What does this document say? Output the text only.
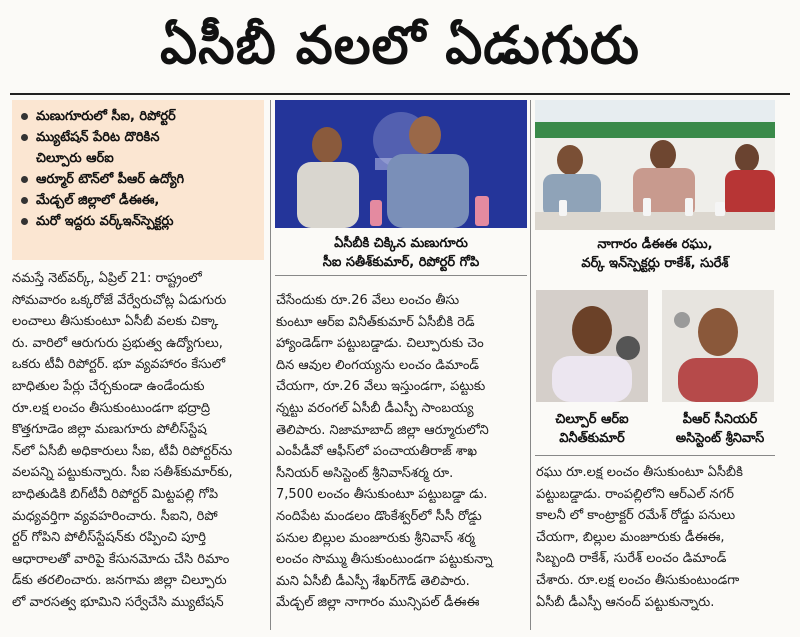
ఏసీబీ వలలో ఏడుగురు
మణుగూరులో సీఐ, రిపోర్టర్
మ్యుటేషన్ పేరిట దొరికిన
చిల్పూరు ఆర్‌ఐ
ఆర్మూర్ టౌన్‌లో పీఆర్ ఉద్యోగి
మేడ్చల్ జిల్లాలో డీఈఈ,
మరో ఇద్దరు వర్క్ఇన్‌స్పెక్టర్లు
నమస్తే నెట్‌వర్క్, ఏప్రిల్ 21: రాష్ట్రంలో
సోమవారం ఒక్కరోజే వేర్వేరుచోట్ల ఏడుగురు
లంచాలు తీసుకుంటూ ఏసీబీ వలకు చిక్కా
రు. వారిలో ఆరుగురు ప్రభుత్వ ఉద్యోగులు,
ఒకరు టీవీ రిపోర్టర్. భూ వ్యవహారం కేసులో
బాధితుల పేర్లు చేర్చకుండా ఉండేందుకు
రూ.లక్ష లంచం తీసుకుంటుండగా భద్రాద్రి
కొత్తగూడెం జిల్లా మణుగూరు పోలీస్‌స్టేష
న్‌లో ఏసీబీ అధికారులు సీఐ, టీవీ రిపోర్టర్‌ను
వలపన్ని పట్టుకున్నారు. సీఐ సతీశ్‌కుమార్‌కు,
బాధితుడికి బిగ్‌టీవీ రిపోర్టర్ మిట్టపల్లి గోపి
మధ్యవర్తిగా వ్యవహరించారు. సీఐని, రిపో
ర్టర్ గోపిని పోలీస్‌స్టేషన్‌కు రప్పించి పూర్తి
ఆధారాలతో వారిపై కేసునమోదు చేసి రిమాం
డ్‌కు తరలించారు. జనగామ జిల్లా చిల్పూరు
లో వారసత్వ భూమిని సర్వేచేసి మ్యుటేషన్
ఏసీబీకి చిక్కిన మణుగూరు
సీఐ సతీశ్‌కుమార్, రిపోర్టర్ గోపి
చేసేందుకు రూ.26 వేలు లంచం తీసు
కుంటూ ఆర్‌ఐ వినీత్‌కుమార్ ఏసీబీకి రెడ్
హ్యాండెడ్‌గా పట్టుబడ్డాడు. చిల్పూరుకు చెం
దిన ఆవుల లింగయ్యను లంచం డిమాండ్
చేయగా, రూ.26 వేలు ఇస్తుండగా, పట్టుకు
న్నట్టు వరంగల్ ఏసీబీ డీఎస్పీ సాంబయ్య
తెలిపారు. నిజామాబాద్ జిల్లా ఆర్మూరులోని
ఎంపీడీవో ఆఫీస్‌లో పంచాయతీరాజ్ శాఖ
సీనియర్ అసిస్టెంట్ శ్రీనివాస్‌శర్మ రూ.
7,500 లంచం తీసుకుంటూ పట్టుబడ్డా డు.
నందిపేట మండలం డొంకేశ్వర్‌లో సీసీ రోడ్డు
పనుల బిల్లుల మంజూరుకు శ్రీనివాస్ శర్మ
లంచం సొమ్ము తీసుకుంటుండగా పట్టుకున్నా
మని ఏసీబీ డీఎస్పీ శేఖర్‌గౌడ్ తెలిపారు.
మేడ్చల్ జిల్లా నాగారం మున్సిపల్ డీఈఈ
నాగారం డీఈఈ రఘు,
వర్క్ ఇన్‌స్పెక్టర్లు రాకేశ్, సురేశ్
చిల్పూర్ ఆర్‌ఐ
వినీత్‌కుమార్
పీఆర్ సీనియర్
అసిస్టెంట్ శ్రీనివాస్
రఘు రూ.లక్ష లంచం తీసుకుంటూ ఏసీబీకి
పట్టుబడ్డాడు. రాంపల్లిలోని ఆర్‌ఎల్ నగర్
కాలనీ లో కాంట్రాక్టర్ రమేశ్ రోడ్డు పనులు
చేయగా, బిల్లుల మంజూరుకు డీఈఈ,
సిబ్బంది రాకేశ్, సురేశ్ లంచం డిమాండ్
చేశారు. రూ.లక్ష లంచం తీసుకుంటుండగా
ఏసీబీ డీఎస్పీ ఆనంద్ పట్టుకున్నారు.
